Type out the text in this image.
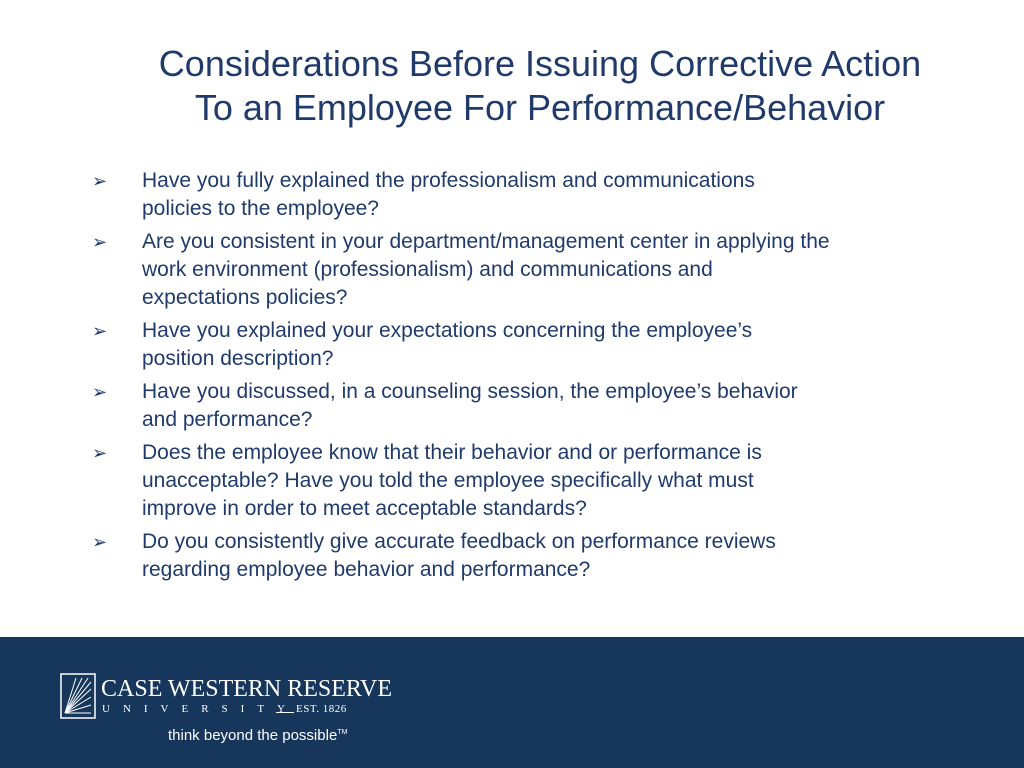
Considerations Before Issuing Corrective Action
To an Employee For Performance/Behavior
➢	Have you fully explained the professionalism and communications
policies to the employee?
➢	Are you consistent in your department/management center in applying the
work environment (professionalism) and communications and
expectations policies?
➢	Have you explained your expectations concerning the employee’s
position description?
➢	Have you discussed, in a counseling session, the employee’s behavior
and performance?
➢	Does the employee know that their behavior and or performance is
unacceptable? Have you told the employee specifically what must
improve in order to meet acceptable standards?
➢	Do you consistently give accurate feedback on performance reviews
regarding employee behavior and performance?
CASE WESTERN RESERVE
UNIVERSITY
EST. 1826
think beyond the possible™
